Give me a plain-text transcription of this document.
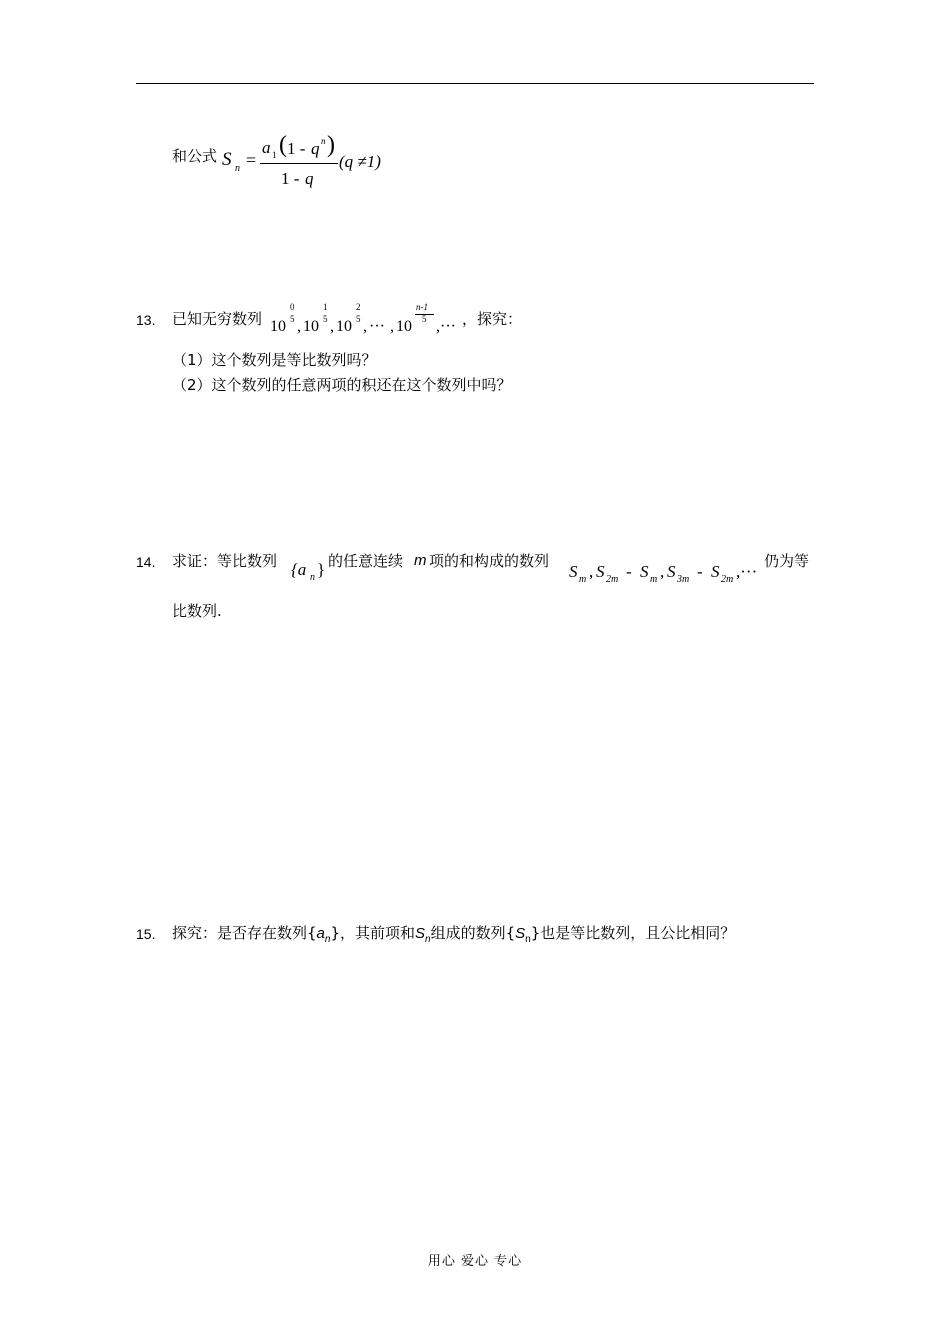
和公式 S n =
a 1 ( 1 - q n )
1 - q
(q ≠1)
13. 已知无穷数列 10
0
5 , 10
1
5 , 10
2
5 , ··· , 10
n-1
5 ,··· ，探究：
（1）这个数列是等比数列吗？
（2）这个数列的任意两项的积还在这个数列中吗？
14. 求证：等比数列 {a n } 的任意连续 m 项的和构成的数列
S m , S 2m - S m , S 3m - S 2m ,···
仍为等
比数列.
15. 探究：是否存在数列$\{a_n\}$，其前项和$S_n$组成的数列$\{S_n\}$也是等比数列，且公比相同？
用心 爱心 专心
